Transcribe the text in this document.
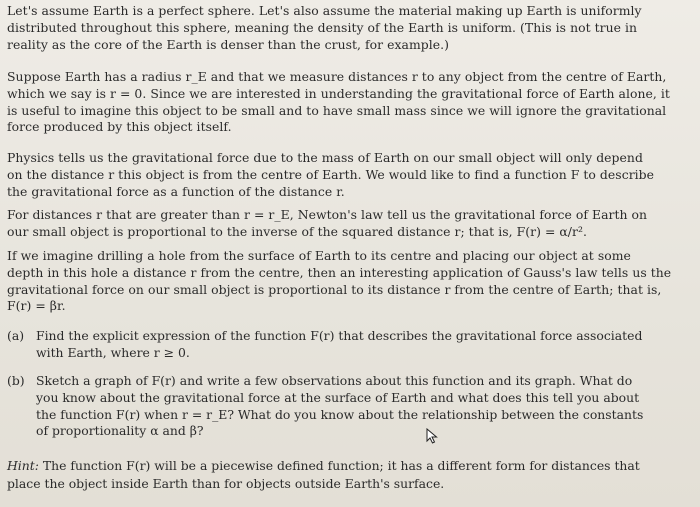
Let's assume Earth is a perfect sphere. Let's also assume the material making up Earth is uniformly
distributed throughout this sphere, meaning the density of the Earth is uniform. (This is not true in
reality as the core of the Earth is denser than the crust, for example.)
Suppose Earth has a radius r_E and that we measure distances r to any object from the centre of Earth,
which we say is r = 0. Since we are interested in understanding the gravitational force of Earth alone, it
is useful to imagine this object to be small and to have small mass since we will ignore the gravitational
force produced by this object itself.
Physics tells us the gravitational force due to the mass of Earth on our small object will only depend
on the distance r this object is from the centre of Earth. We would like to find a function F to describe
the gravitational force as a function of the distance r.
For distances r that are greater than r = r_E, Newton's law tell us the gravitational force of Earth on
our small object is proportional to the inverse of the squared distance r; that is, F(r) = α/r².
If we imagine drilling a hole from the surface of Earth to its centre and placing our object at some
depth in this hole a distance r from the centre, then an interesting application of Gauss's law tells us the
gravitational force on our small object is proportional to its distance r from the centre of Earth; that is,
F(r) = βr.
(a) Find the explicit expression of the function F(r) that describes the gravitational force associated
with Earth, where r ≥ 0.
(b) Sketch a graph of F(r) and write a few observations about this function and its graph. What do
you know about the gravitational force at the surface of Earth and what does this tell you about
the function F(r) when r = r_E? What do you know about the relationship between the constants
of proportionality α and β?
Hint: The function F(r) will be a piecewise defined function; it has a different form for distances that
place the object inside Earth than for objects outside Earth's surface.
